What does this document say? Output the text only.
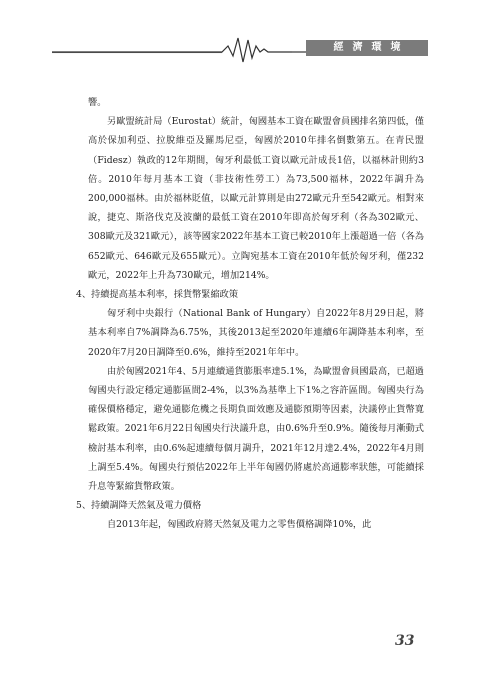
經濟環境

響。

另歐盟統計局（Eurostat）統計，匈國基本工資在歐盟會員國排名第四低，僅高於保加利亞、拉脫維亞及羅馬尼亞，匈國於2010年排名倒數第五。在青民盟（Fidesz）執政的12年期間，匈牙利最低工資以歐元計成長1倍，以福林計則約3倍。2010年每月基本工資（非技術性勞工）為73,500福林，2022年調升為200,000福林。由於福林貶值，以歐元計算則是由272歐元升至542歐元。相對來說，捷克、斯洛伐克及波蘭的最低工資在2010年即高於匈牙利（各為302歐元、308歐元及321歐元），該等國家2022年基本工資已較2010年上漲超過一倍（各為652歐元、646歐元及655歐元）。立陶宛基本工資在2010年低於匈牙利，僅232歐元，2022年上升為730歐元，增加214%。

4、持續提高基本利率，採貨幣緊縮政策

匈牙利中央銀行（National Bank of Hungary）自2022年8月29日起，將基本利率自7%調降為6.75%，其後2013起至2020年連續6年調降基本利率，至2020年7月20日調降至0.6%，維持至2021年年中。

由於匈國2021年4、5月連續通貨膨脹率達5.1%，為歐盟會員國最高，已超過匈國央行設定穩定通膨區間2-4%，以3%為基準上下1%之容許區間。匈國央行為確保價格穩定，避免通膨危機之長期負面效應及通膨預期等因素，決議停止貨幣寬鬆政策。2021年6月22日匈國央行決議升息，由0.6%升至0.9%。隨後每月漸動式檢討基本利率，由0.6%起連續每個月調升，2021年12月達2.4%，2022年4月則上調至5.4%。匈國央行預估2022年上半年匈國仍將處於高通膨率狀態，可能續採升息等緊縮貨幣政策。

5、持續調降天然氣及電力價格

自2013年起，匈國政府將天然氣及電力之零售價格調降10%，此

33
